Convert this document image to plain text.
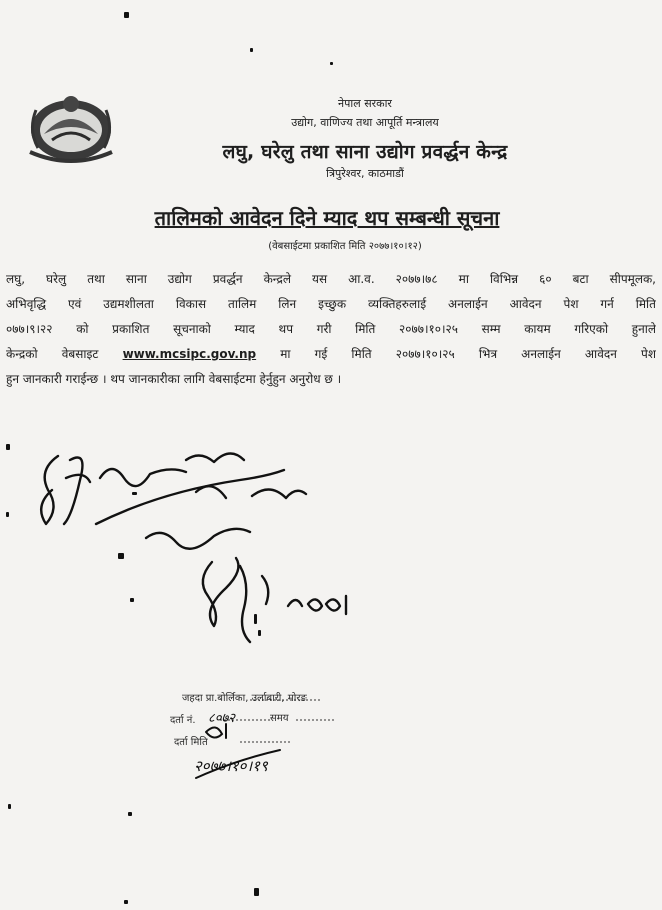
नेपाल सरकार
उद्योग, वाणिज्य तथा आपूर्ति मन्त्रालय
लघु, घरेलु तथा साना उद्योग प्रवर्द्धन केन्द्र
त्रिपुरेश्वर, काठमाडौं
तालिमको आवेदन दिने म्याद थप सम्बन्धी सूचना
(वेबसाईटमा प्रकाशित मिति २०७७।१०।१२)
लघु, घरेलु तथा साना उद्योग प्रवर्द्धन केन्द्रले यस आ.व. २०७७।७८ मा विभिन्न ६० बटा सीपमूलक,
अभिवृद्धि एवं उद्यमशीलता विकास तालिम लिन इच्छुक व्यक्तिहरुलाई अनलाईन आवेदन पेश गर्न मिति
०७७।९।२२ को प्रकाशित सूचनाको म्याद थप गरी मिति २०७७।१०।२५ सम्म कायम गरिएको हुनाले
केन्द्रको वेबसाइट www.mcsipc.gov.np मा गई मिति २०७७।१०।२५ भित्र अनलाईन आवेदन पेश
हुन जानकारी गराईन्छ । थप जानकारीका लागि वेबसाईटमा हेर्नुहुन अनुरोध छ ।
जहदा प्रा.बोर्लिका, उर्लाबारी, मोरङ
दर्ता नं. ८०७२	समय
दर्ता मिति
२०७७।१०।१९
